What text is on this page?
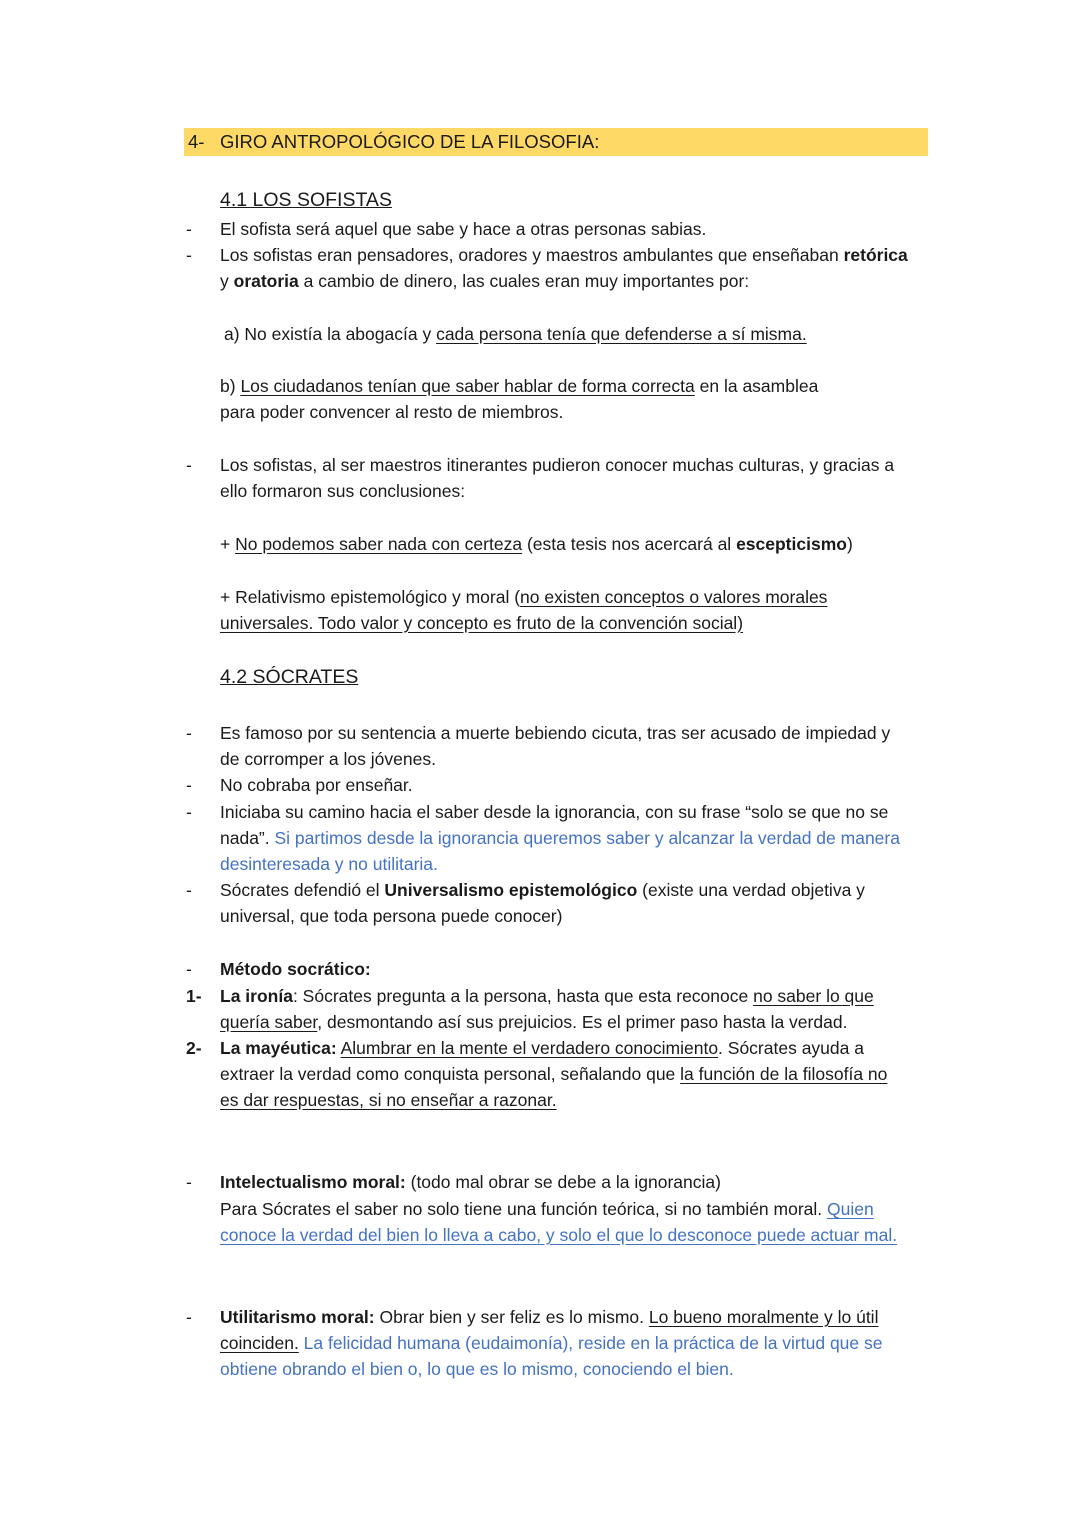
4- GIRO ANTROPOLÓGICO DE LA FILOSOFIA:
4.1 LOS SOFISTAS
- El sofista será aquel que sabe y hace a otras personas sabias.
- Los sofistas eran pensadores, oradores y maestros ambulantes que enseñaban retórica
y oratoria a cambio de dinero, las cuales eran muy importantes por:
a) No existía la abogacía y cada persona tenía que defenderse a sí misma.
b) Los ciudadanos tenían que saber hablar de forma correcta en la asamblea
para poder convencer al resto de miembros.
- Los sofistas, al ser maestros itinerantes pudieron conocer muchas culturas, y gracias a
ello formaron sus conclusiones:
+ No podemos saber nada con certeza (esta tesis nos acercará al escepticismo)
+ Relativismo epistemológico y moral (no existen conceptos o valores morales
universales. Todo valor y concepto es fruto de la convención social)
4.2 SÓCRATES
- Es famoso por su sentencia a muerte bebiendo cicuta, tras ser acusado de impiedad y
de corromper a los jóvenes.
- No cobraba por enseñar.
- Iniciaba su camino hacia el saber desde la ignorancia, con su frase “solo se que no se
nada”. Si partimos desde la ignorancia queremos saber y alcanzar la verdad de manera
desinteresada y no utilitaria.
- Sócrates defendió el Universalismo epistemológico (existe una verdad objetiva y
universal, que toda persona puede conocer)
- Método socrático:
1- La ironía: Sócrates pregunta a la persona, hasta que esta reconoce no saber lo que
quería saber, desmontando así sus prejuicios. Es el primer paso hasta la verdad.
2- La mayéutica: Alumbrar en la mente el verdadero conocimiento. Sócrates ayuda a
extraer la verdad como conquista personal, señalando que la función de la filosofía no
es dar respuestas, si no enseñar a razonar.
- Intelectualismo moral: (todo mal obrar se debe a la ignorancia)
Para Sócrates el saber no solo tiene una función teórica, si no también moral. Quien
conoce la verdad del bien lo lleva a cabo, y solo el que lo desconoce puede actuar mal.
- Utilitarismo moral: Obrar bien y ser feliz es lo mismo. Lo bueno moralmente y lo útil
coinciden. La felicidad humana (eudaimonía), reside en la práctica de la virtud que se
obtiene obrando el bien o, lo que es lo mismo, conociendo el bien.
